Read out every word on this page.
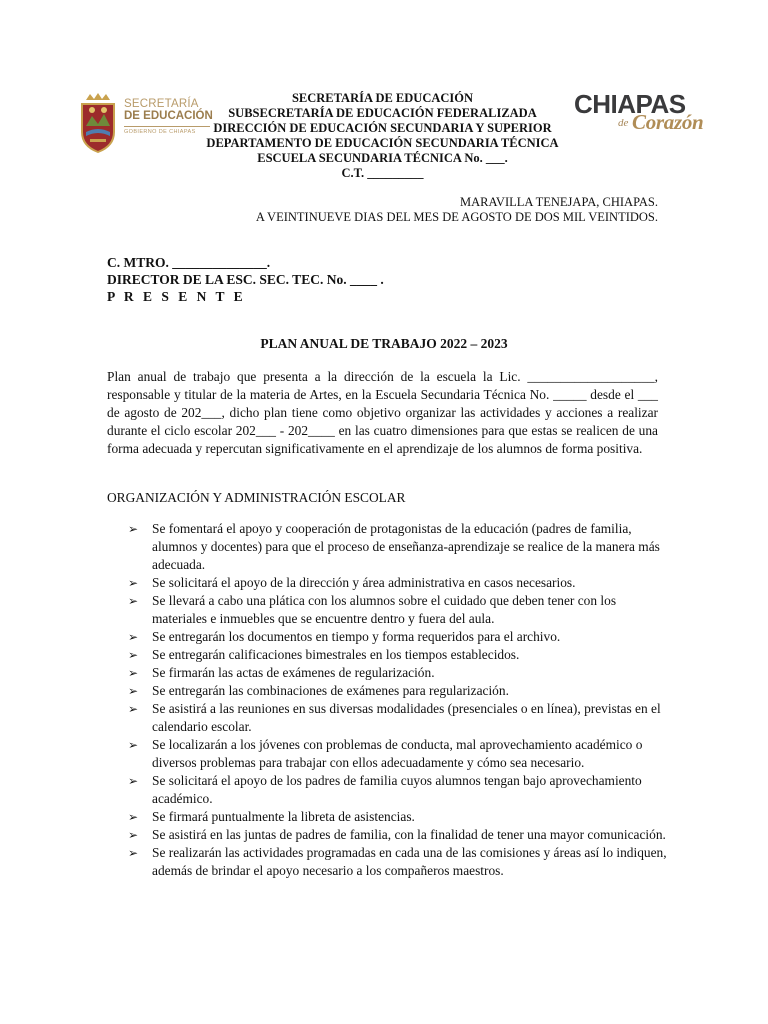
SECRETARÍA
DE EDUCACIÓN
GOBIERNO DE CHIAPAS
CHIAPAS
de Corazón
SECRETARÍA DE EDUCACIÓN
SUBSECRETARÍA DE EDUCACIÓN FEDERALIZADA
DIRECCIÓN DE EDUCACIÓN SECUNDARIA Y SUPERIOR
DEPARTAMENTO DE EDUCACIÓN SECUNDARIA TÉCNICA
ESCUELA SECUNDARIA TÉCNICA No. ___.
C.T. _________
MARAVILLA TENEJAPA, CHIAPAS.
A VEINTINUEVE DIAS DEL MES DE AGOSTO DE DOS MIL VEINTIDOS.
C. MTRO. ______________.
DIRECTOR DE LA ESC. SEC. TEC. No. ____ .
P R E S E N T E
PLAN ANUAL DE TRABAJO 2022 – 2023
Plan anual de trabajo que presenta a la dirección de la escuela la Lic. ___________________, responsable y titular de la materia de Artes, en la Escuela Secundaria Técnica No. _____ desde el ___ de agosto de 202___, dicho plan tiene como objetivo organizar las actividades y acciones a realizar durante el ciclo escolar 202___ - 202____ en las cuatro dimensiones para que estas se realicen de una forma adecuada y repercutan significativamente en el aprendizaje de los alumnos de forma positiva.
ORGANIZACIÓN Y ADMINISTRACIÓN ESCOLAR
➢ Se fomentará el apoyo y cooperación de protagonistas de la educación (padres de familia, alumnos y docentes) para que el proceso de enseñanza-aprendizaje se realice de la manera más adecuada.
➢ Se solicitará el apoyo de la dirección y área administrativa en casos necesarios.
➢ Se llevará a cabo una plática con los alumnos sobre el cuidado que deben tener con los materiales e inmuebles que se encuentre dentro y fuera del aula.
➢ Se entregarán los documentos en tiempo y forma requeridos para el archivo.
➢ Se entregarán calificaciones bimestrales en los tiempos establecidos.
➢ Se firmarán las actas de exámenes de regularización.
➢ Se entregarán las combinaciones de exámenes para regularización.
➢ Se asistirá a las reuniones en sus diversas modalidades (presenciales o en línea), previstas en el calendario escolar.
➢ Se localizarán a los jóvenes con problemas de conducta, mal aprovechamiento académico o diversos problemas para trabajar con ellos adecuadamente y cómo sea necesario.
➢ Se solicitará el apoyo de los padres de familia cuyos alumnos tengan bajo aprovechamiento académico.
➢ Se firmará puntualmente la libreta de asistencias.
➢ Se asistirá en las juntas de padres de familia, con la finalidad de tener una mayor comunicación.
➢ Se realizarán las actividades programadas en cada una de las comisiones y áreas así lo indiquen, además de brindar el apoyo necesario a los compañeros maestros.
